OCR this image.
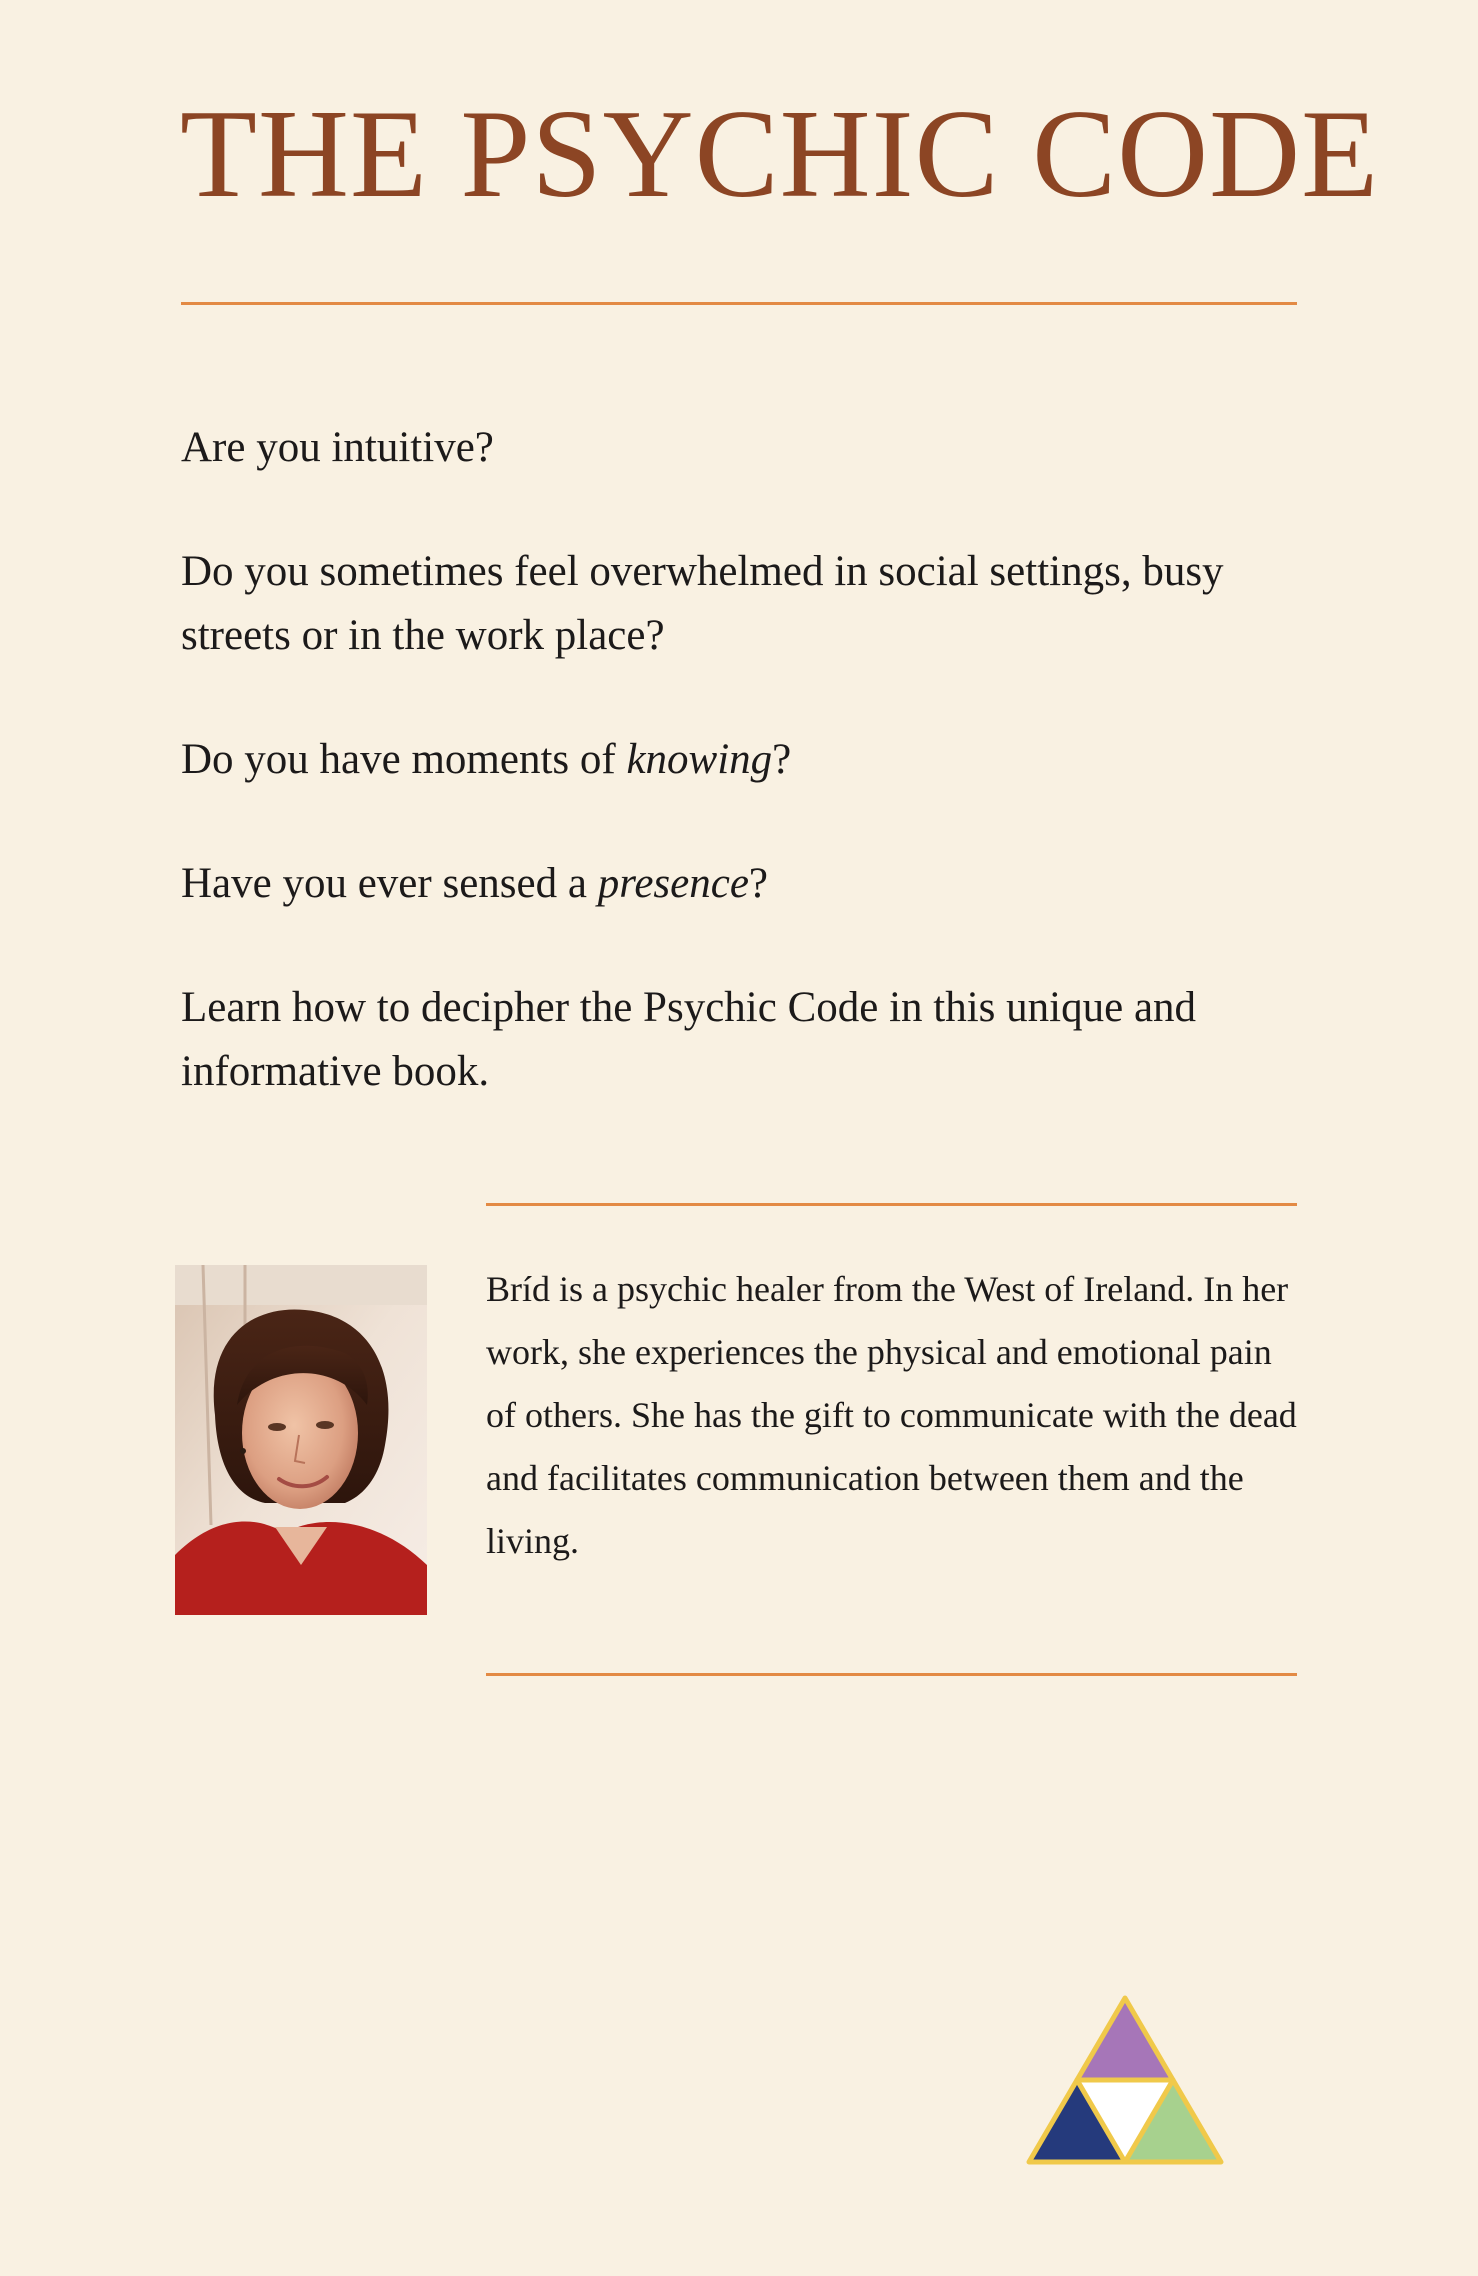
THE PSYCHIC CODE

Are you intuitive?

Do you sometimes feel overwhelmed in social settings, busy streets or in the work place?

Do you have moments of knowing?

Have you ever sensed a presence?

Learn how to decipher the Psychic Code in this unique and informative book.

Bríd is a psychic healer from the West of Ireland. In her work, she experiences the physical and emotional pain of others. She has the gift to communicate with the dead and facilitates communication between them and the living.
